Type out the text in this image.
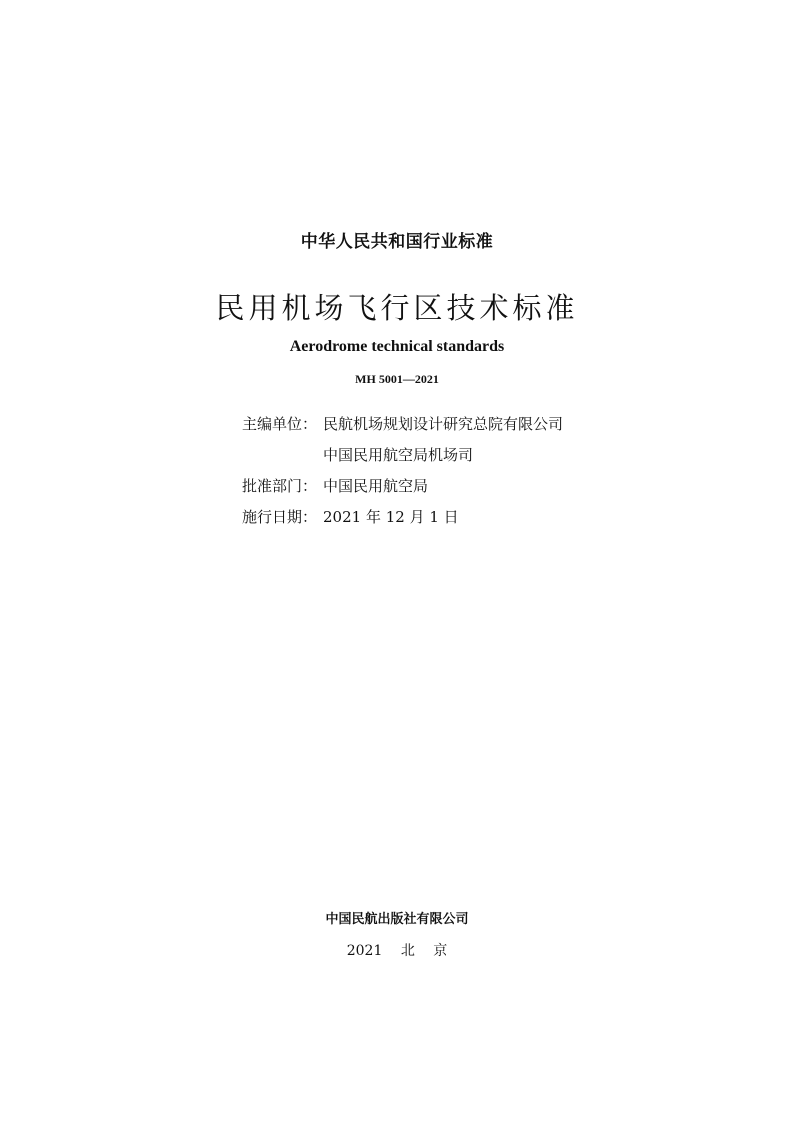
中华人民共和国行业标准
民用机场飞行区技术标准
Aerodrome technical standards
MH 5001—2021
主编单位： 民航机场规划设计研究总院有限公司
中国民用航空局机场司
批准部门： 中国民用航空局
施行日期： 2021 年 12 月 1 日
中国民航出版社有限公司
2021 北 京
